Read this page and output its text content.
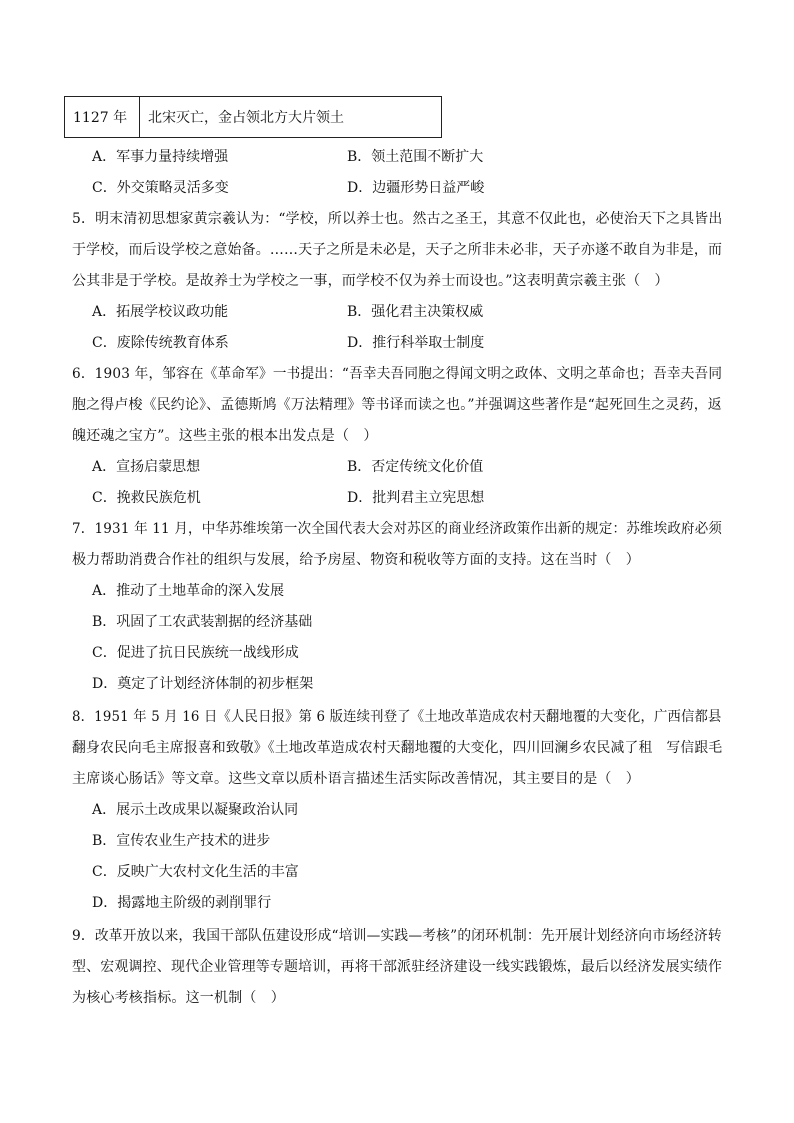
1127 年	北宋灭亡，金占领北方大片领土
A．军事力量持续增强	B．领土范围不断扩大
C．外交策略灵活多变	D．边疆形势日益严峻
5．明末清初思想家黄宗羲认为：“学校，所以养士也。然古之圣王，其意不仅此也，必使治天下之具皆出
于学校，而后设学校之意始备。……天子之所是未必是，天子之所非未必非，天子亦遂不敢自为非是，而
公其非是于学校。是故养士为学校之一事，而学校不仅为养士而设也。”这表明黄宗羲主张（　）
A．拓展学校议政功能	B．强化君主决策权威
C．废除传统教育体系	D．推行科举取士制度
6．1903 年，邹容在《革命军》一书提出：“吾幸夫吾同胞之得闻文明之政体、文明之革命也；吾幸夫吾同
胞之得卢梭《民约论》、孟德斯鸠《万法精理》等书译而读之也。”并强调这些著作是“起死回生之灵药，返
魄还魂之宝方”。这些主张的根本出发点是（　）
A．宣扬启蒙思想	B．否定传统文化价值
C．挽救民族危机	D．批判君主立宪思想
7．1931 年 11 月，中华苏维埃第一次全国代表大会对苏区的商业经济政策作出新的规定：苏维埃政府必须
极力帮助消费合作社的组织与发展，给予房屋、物资和税收等方面的支持。这在当时（　）
A．推动了土地革命的深入发展
B．巩固了工农武装割据的经济基础
C．促进了抗日民族统一战线形成
D．奠定了计划经济体制的初步框架
8．1951 年 5 月 16 日《人民日报》第 6 版连续刊登了《土地改革造成农村天翻地覆的大变化，广西信都县
翻身农民向毛主席报喜和致敬》《土地改革造成农村天翻地覆的大变化，四川回澜乡农民减了租　写信跟毛
主席谈心肠话》等文章。这些文章以质朴语言描述生活实际改善情况，其主要目的是（　）
A．展示土改成果以凝聚政治认同
B．宣传农业生产技术的进步
C．反映广大农村文化生活的丰富
D．揭露地主阶级的剥削罪行
9．改革开放以来，我国干部队伍建设形成“培训—实践—考核”的闭环机制：先开展计划经济向市场经济转
型、宏观调控、现代企业管理等专题培训，再将干部派驻经济建设一线实践锻炼，最后以经济发展实绩作
为核心考核指标。这一机制（　）
